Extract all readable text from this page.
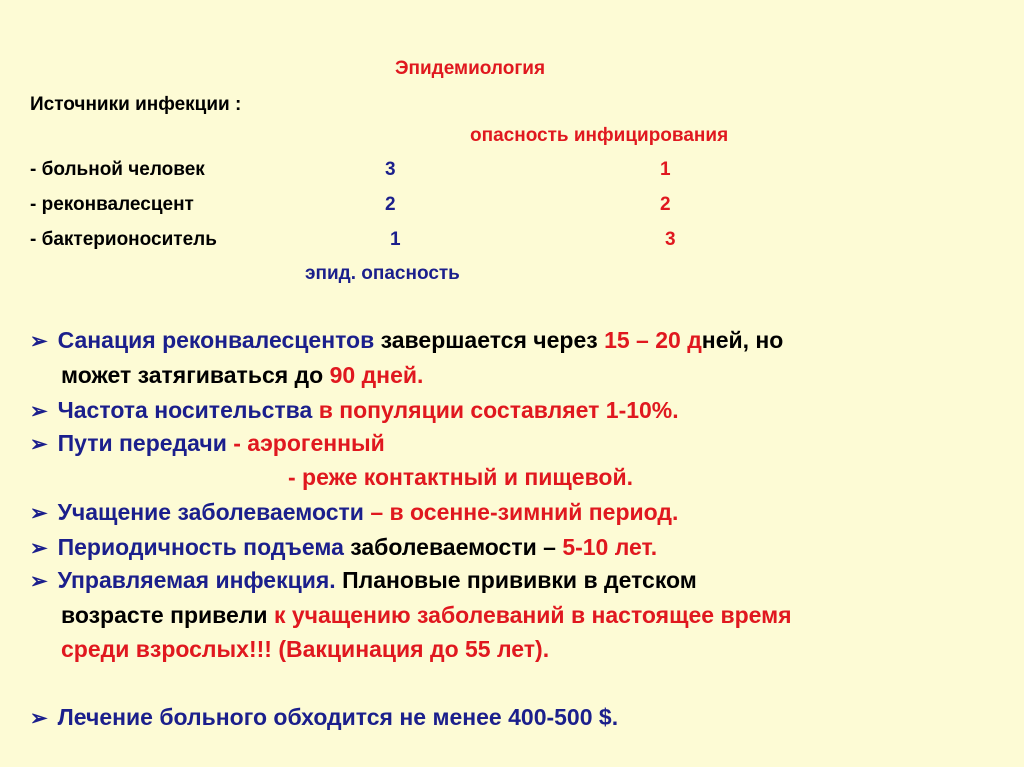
Эпидемиология
Источники инфекции :
опасность инфицирования
- больной человек	3	1
- реконвалесцент	2	2
- бактерионоситель	1	3
эпид. опасность
➢ Санация реконвалесцентов завершается через 15 – 20 дней, но
может затягиваться до 90 дней.
➢ Частота носительства в популяции составляет 1-10%.
➢ Пути передачи - аэрогенный
- реже контактный и пищевой.
➢ Учащение заболеваемости – в осенне-зимний период.
➢ Периодичность подъема заболеваемости – 5-10 лет.
➢ Управляемая инфекция. Плановые прививки в детском
возрасте привели к учащению заболеваний в настоящее время
среди взрослых!!! (Вакцинация до 55 лет).
➢ Лечение больного обходится не менее 400-500 $.
